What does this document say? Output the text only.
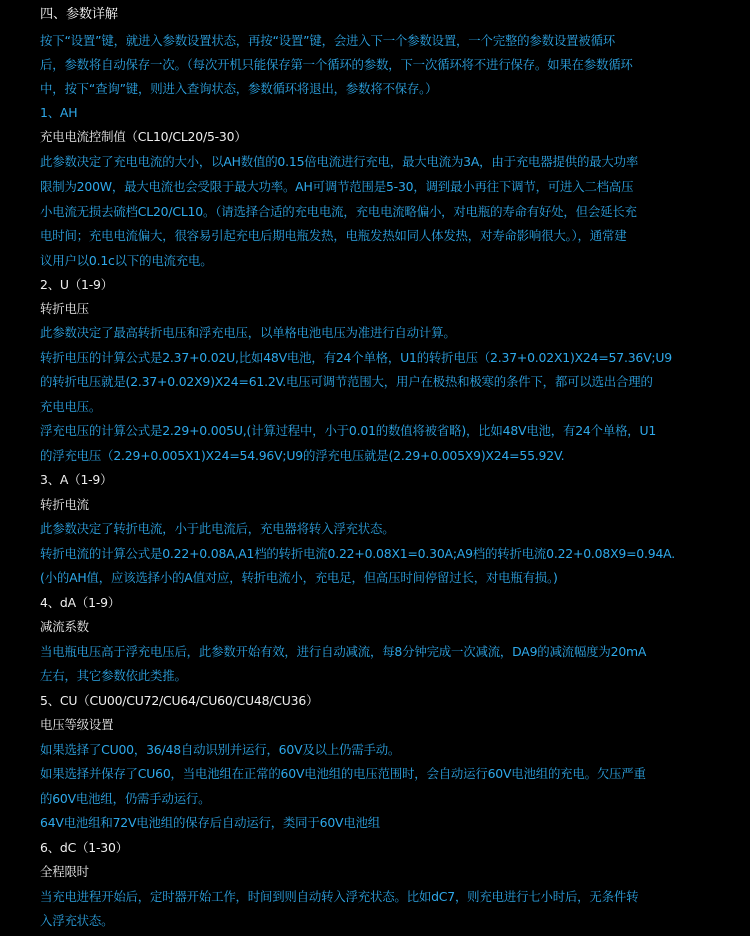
四、参数详解
按下“设置”键，就进入参数设置状态，再按“设置”键，会进入下一个参数设置，一个完整的参数设置被循环
后，参数将自动保存一次。（每次开机只能保存第一个循环的参数，下一次循环将不进行保存。如果在参数循环
中，按下“查询”键，则进入查询状态，参数循环将退出，参数将不保存。）
1、AH
充电电流控制值（CL10/CL20/5-30）
此参数决定了充电电流的大小，以AH数值的0.15倍电流进行充电，最大电流为3A，由于充电器提供的最大功率
限制为200W，最大电流也会受限于最大功率。AH可调节范围是5-30，调到最小再往下调节，可进入二档高压
小电流无损去硫档CL20/CL10。（请选择合适的充电电流，充电电流略偏小，对电瓶的寿命有好处，但会延长充
电时间；充电电流偏大，很容易引起充电后期电瓶发热，电瓶发热如同人体发热，对寿命影响很大。），通常建
议用户以0.1c以下的电流充电。
2、U（1-9）
转折电压
此参数决定了最高转折电压和浮充电压，以单格电池电压为准进行自动计算。
转折电压的计算公式是2.37+0.02U,比如48V电池，有24个单格，U1的转折电压（2.37+0.02X1)X24=57.36V;U9
的转折电压就是(2.37+0.02X9)X24=61.2V.电压可调节范围大，用户在极热和极寒的条件下，都可以选出合理的
充电电压。
浮充电压的计算公式是2.29+0.005U,(计算过程中，小于0.01的数值将被省略)，比如48V电池，有24个单格，U1
的浮充电压（2.29+0.005X1)X24=54.96V;U9的浮充电压就是(2.29+0.005X9)X24=55.92V.
3、A（1-9）
转折电流
此参数决定了转折电流，小于此电流后，充电器将转入浮充状态。
转折电流的计算公式是0.22+0.08A,A1档的转折电流0.22+0.08X1=0.30A;A9档的转折电流0.22+0.08X9=0.94A.
(小的AH值，应该选择小的A值对应，转折电流小，充电足，但高压时间停留过长，对电瓶有损。)
4、dA（1-9）
减流系数
当电瓶电压高于浮充电压后，此参数开始有效，进行自动减流，每8分钟完成一次减流，DA9的减流幅度为20mA
左右，其它参数依此类推。
5、CU（CU00/CU72/CU64/CU60/CU48/CU36）
电压等级设置
如果选择了CU00，36/48自动识别并运行，60V及以上仍需手动。
如果选择并保存了CU60，当电池组在正常的60V电池组的电压范围时，会自动运行60V电池组的充电。欠压严重
的60V电池组，仍需手动运行。
64V电池组和72V电池组的保存后自动运行，类同于60V电池组
6、dC（1-30）
全程限时
当充电进程开始后，定时器开始工作，时间到则自动转入浮充状态。比如dC7，则充电进行七小时后，无条件转
入浮充状态。
